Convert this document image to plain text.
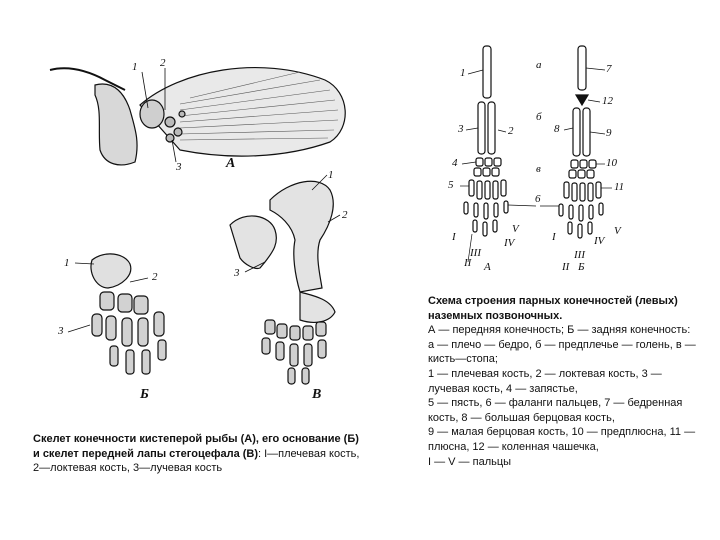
1 2
3	А
1
2
3
В
1
2
3
Б
1
3
4
5
8
7
12
2	9
10
11
6
а
б
в
I
II
III
IV
V
А
I
II
III
IV
V
Б
Скелет конечности кистеперой рыбы (А), его основание (Б) и скелет передней лапы стегоцефала (В): I—плечевая кость, 2—локтевая кость, 3—лучевая кость
Схема строения парных конечностей (левых) наземных позвоночных.
А — передняя конечность; Б — задняя конечность:
а — плечо — бедро, б — предплечье — голень, в — кисть—стопа;
1 — плечевая кость, 2 — локтевая кость, 3 — лучевая кость, 4 — запястье,
5 — пясть, 6 — фаланги пальцев, 7 — бедренная кость, 8 — большая берцовая кость,
9 — малая берцовая кость, 10 — предплюсна, 11 — плюсна, 12 — коленная чашечка,
I — V — пальцы
